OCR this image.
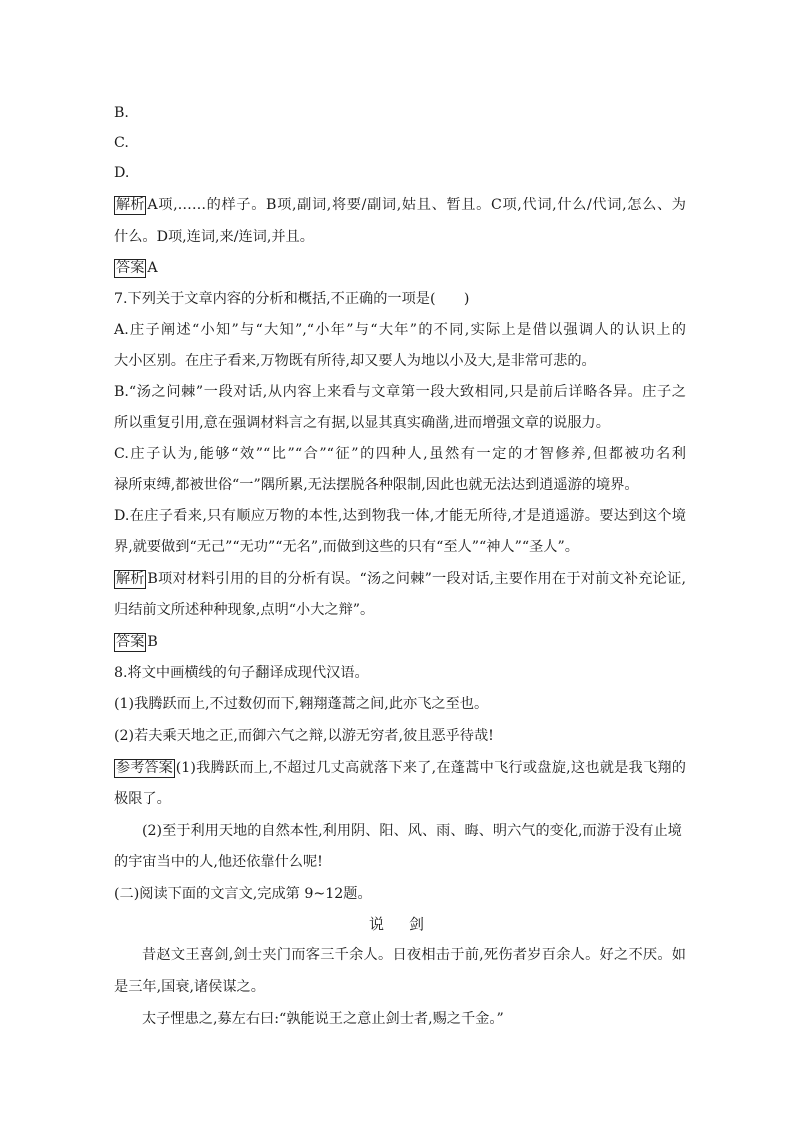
B.
C.
D.
解析 A项,……的样子。B项,副词,将要/副词,姑且、暂且。C项,代词,什么/代词,怎么、为
什么。D项,连词,来/连词,并且。
答案 A
7.下列关于文章内容的分析和概括,不正确的一项是(　　)
A.庄子阐述“小知”与“大知”,“小年”与“大年”的不同,实际上是借以强调人的认识上的
大小区别。在庄子看来,万物既有所待,却又要人为地以小及大,是非常可悲的。
B.“汤之问棘”一段对话,从内容上来看与文章第一段大致相同,只是前后详略各异。庄子之
所以重复引用,意在强调材料言之有据,以显其真实确凿,进而增强文章的说服力。
C.庄子认为,能够“效”“比”“合”“征”的四种人,虽然有一定的才智修养,但都被功名利
禄所束缚,都被世俗“一”隅所累,无法摆脱各种限制,因此也就无法达到逍遥游的境界。
D.在庄子看来,只有顺应万物的本性,达到物我一体,才能无所待,才是逍遥游。要达到这个境
界,就要做到“无己”“无功”“无名”,而做到这些的只有“至人”“神人”“圣人”。
解析 B项对材料引用的目的分析有误。“汤之问棘”一段对话,主要作用在于对前文补充论证,
归结前文所述种种现象,点明“小大之辩”。
答案 B
8.将文中画横线的句子翻译成现代汉语。
(1)我腾跃而上,不过数仞而下,翱翔蓬蒿之间,此亦飞之至也。
(2)若夫乘天地之正,而御六气之辩,以游无穷者,彼且恶乎待哉!
参考答案 (1)我腾跃而上,不超过几丈高就落下来了,在蓬蒿中飞行或盘旋,这也就是我飞翔的
极限了。
(2)至于利用天地的自然本性,利用阴、阳、风、雨、晦、明六气的变化,而游于没有止境
的宇宙当中的人,他还依靠什么呢!
(二)阅读下面的文言文,完成第 9~12题。
说 剑
昔赵文王喜剑,剑士夹门而客三千余人。日夜相击于前,死伤者岁百余人。好之不厌。如
是三年,国衰,诸侯谋之。
太子悝患之,募左右曰:“孰能说王之意止剑士者,赐之千金。”
